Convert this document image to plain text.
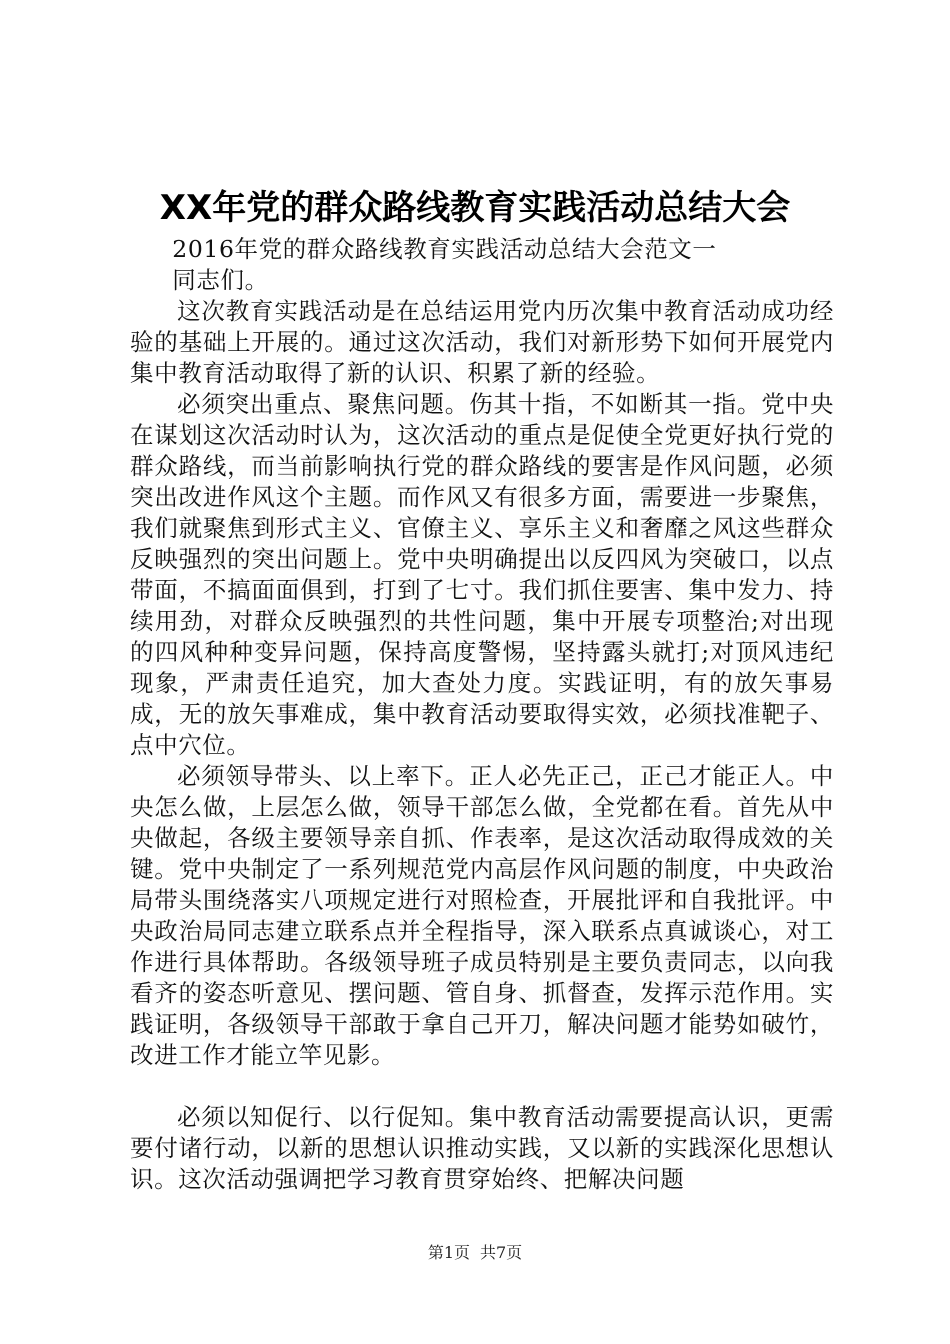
XX年党的群众路线教育实践活动总结大会

2016年党的群众路线教育实践活动总结大会范文一

同志们。

这次教育实践活动是在总结运用党内历次集中教育活动成功经验的基础上开展的。通过这次活动，我们对新形势下如何开展党内集中教育活动取得了新的认识、积累了新的经验。

必须突出重点、聚焦问题。伤其十指，不如断其一指。党中央在谋划这次活动时认为，这次活动的重点是促使全党更好执行党的群众路线，而当前影响执行党的群众路线的要害是作风问题，必须突出改进作风这个主题。而作风又有很多方面，需要进一步聚焦，我们就聚焦到形式主义、官僚主义、享乐主义和奢靡之风这些群众反映强烈的突出问题上。党中央明确提出以反四风为突破口，以点带面，不搞面面俱到，打到了七寸。我们抓住要害、集中发力、持续用劲，对群众反映强烈的共性问题，集中开展专项整治;对出现的四风种种变异问题，保持高度警惕，坚持露头就打;对顶风违纪现象，严肃责任追究，加大查处力度。实践证明，有的放矢事易成，无的放矢事难成，集中教育活动要取得实效，必须找准靶子、点中穴位。

必须领导带头、以上率下。正人必先正己，正己才能正人。中央怎么做，上层怎么做，领导干部怎么做，全党都在看。首先从中央做起，各级主要领导亲自抓、作表率，是这次活动取得成效的关键。党中央制定了一系列规范党内高层作风问题的制度，中央政治局带头围绕落实八项规定进行对照检查，开展批评和自我批评。中央政治局同志建立联系点并全程指导，深入联系点真诚谈心，对工作进行具体帮助。各级领导班子成员特别是主要负责同志，以向我看齐的姿态听意见、摆问题、管自身、抓督查，发挥示范作用。实践证明，各级领导干部敢于拿自己开刀，解决问题才能势如破竹，改进工作才能立竿见影。

必须以知促行、以行促知。集中教育活动需要提高认识，更需要付诸行动，以新的思想认识推动实践，又以新的实践深化思想认识。这次活动强调把学习教育贯穿始终、把解决问题

第1页 共7页
